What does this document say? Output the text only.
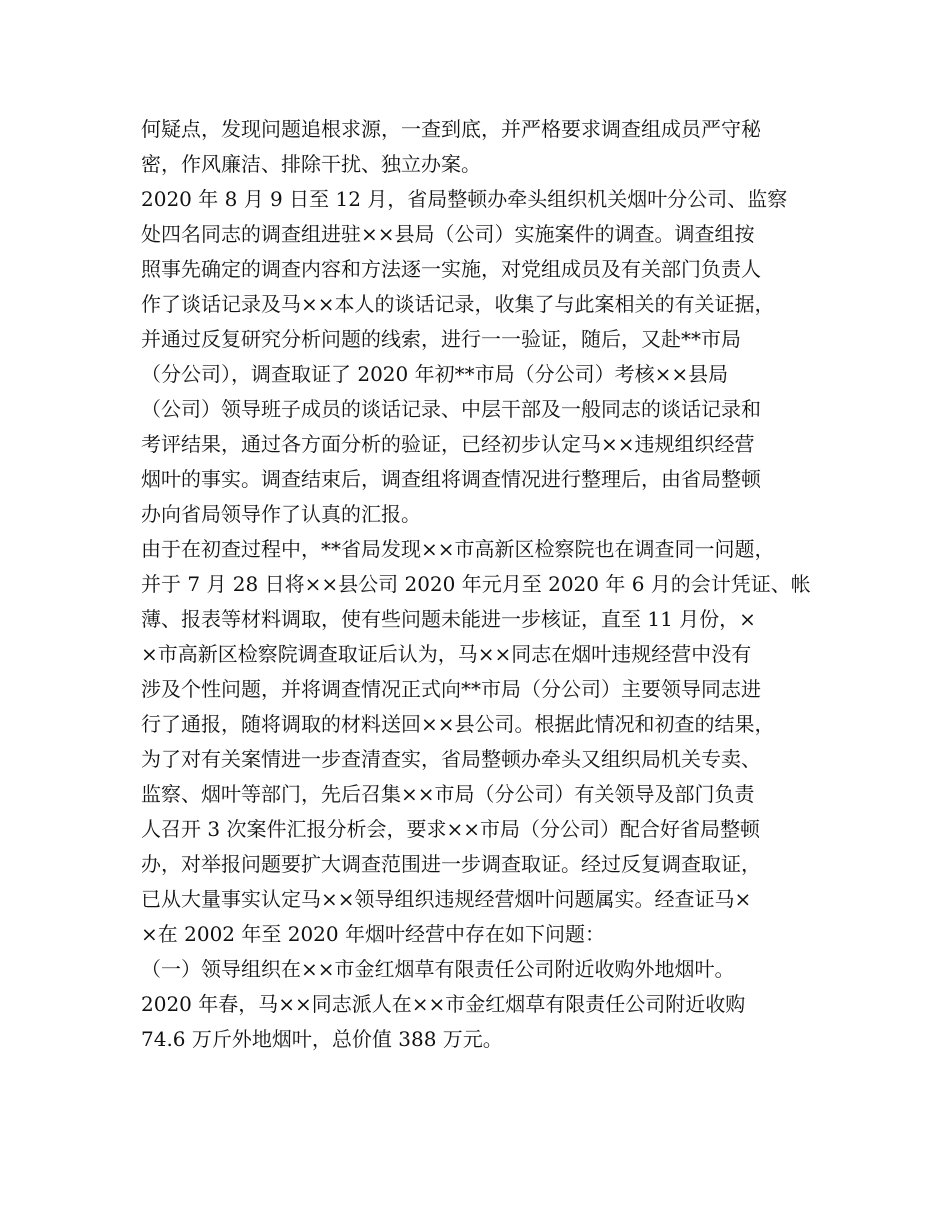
何疑点，发现问题追根求源，一查到底，并严格要求调查组成员严守秘
密，作风廉洁、排除干扰、独立办案。
2020 年 8 月 9 日至 12 月，省局整顿办牵头组织机关烟叶分公司、监察
处四名同志的调查组进驻××县局（公司）实施案件的调查。调查组按
照事先确定的调查内容和方法逐一实施，对党组成员及有关部门负责人
作了谈话记录及马××本人的谈话记录，收集了与此案相关的有关证据，
并通过反复研究分析问题的线索，进行一一验证，随后，又赴**市局
（分公司），调查取证了 2020 年初**市局（分公司）考核××县局
（公司）领导班子成员的谈话记录、中层干部及一般同志的谈话记录和
考评结果，通过各方面分析的验证，已经初步认定马××违规组织经营
烟叶的事实。调查结束后，调查组将调查情况进行整理后，由省局整顿
办向省局领导作了认真的汇报。
由于在初查过程中，**省局发现××市高新区检察院也在调查同一问题，
并于 7 月 28 日将××县公司 2020 年元月至 2020 年 6 月的会计凭证、帐
薄、报表等材料调取，使有些问题未能进一步核证，直至 11 月份，×
×市高新区检察院调查取证后认为，马××同志在烟叶违规经营中没有
涉及个性问题，并将调查情况正式向**市局（分公司）主要领导同志进
行了通报，随将调取的材料送回××县公司。根据此情况和初查的结果，
为了对有关案情进一步查清查实，省局整顿办牵头又组织局机关专卖、
监察、烟叶等部门，先后召集××市局（分公司）有关领导及部门负责
人召开 3 次案件汇报分析会，要求××市局（分公司）配合好省局整顿
办，对举报问题要扩大调查范围进一步调查取证。经过反复调查取证，
已从大量事实认定马××领导组织违规经营烟叶问题属实。经查证马×
×在 2002 年至 2020 年烟叶经营中存在如下问题：
（一）领导组织在××市金红烟草有限责任公司附近收购外地烟叶。
2020 年春，马××同志派人在××市金红烟草有限责任公司附近收购
74.6 万斤外地烟叶，总价值 388 万元。
